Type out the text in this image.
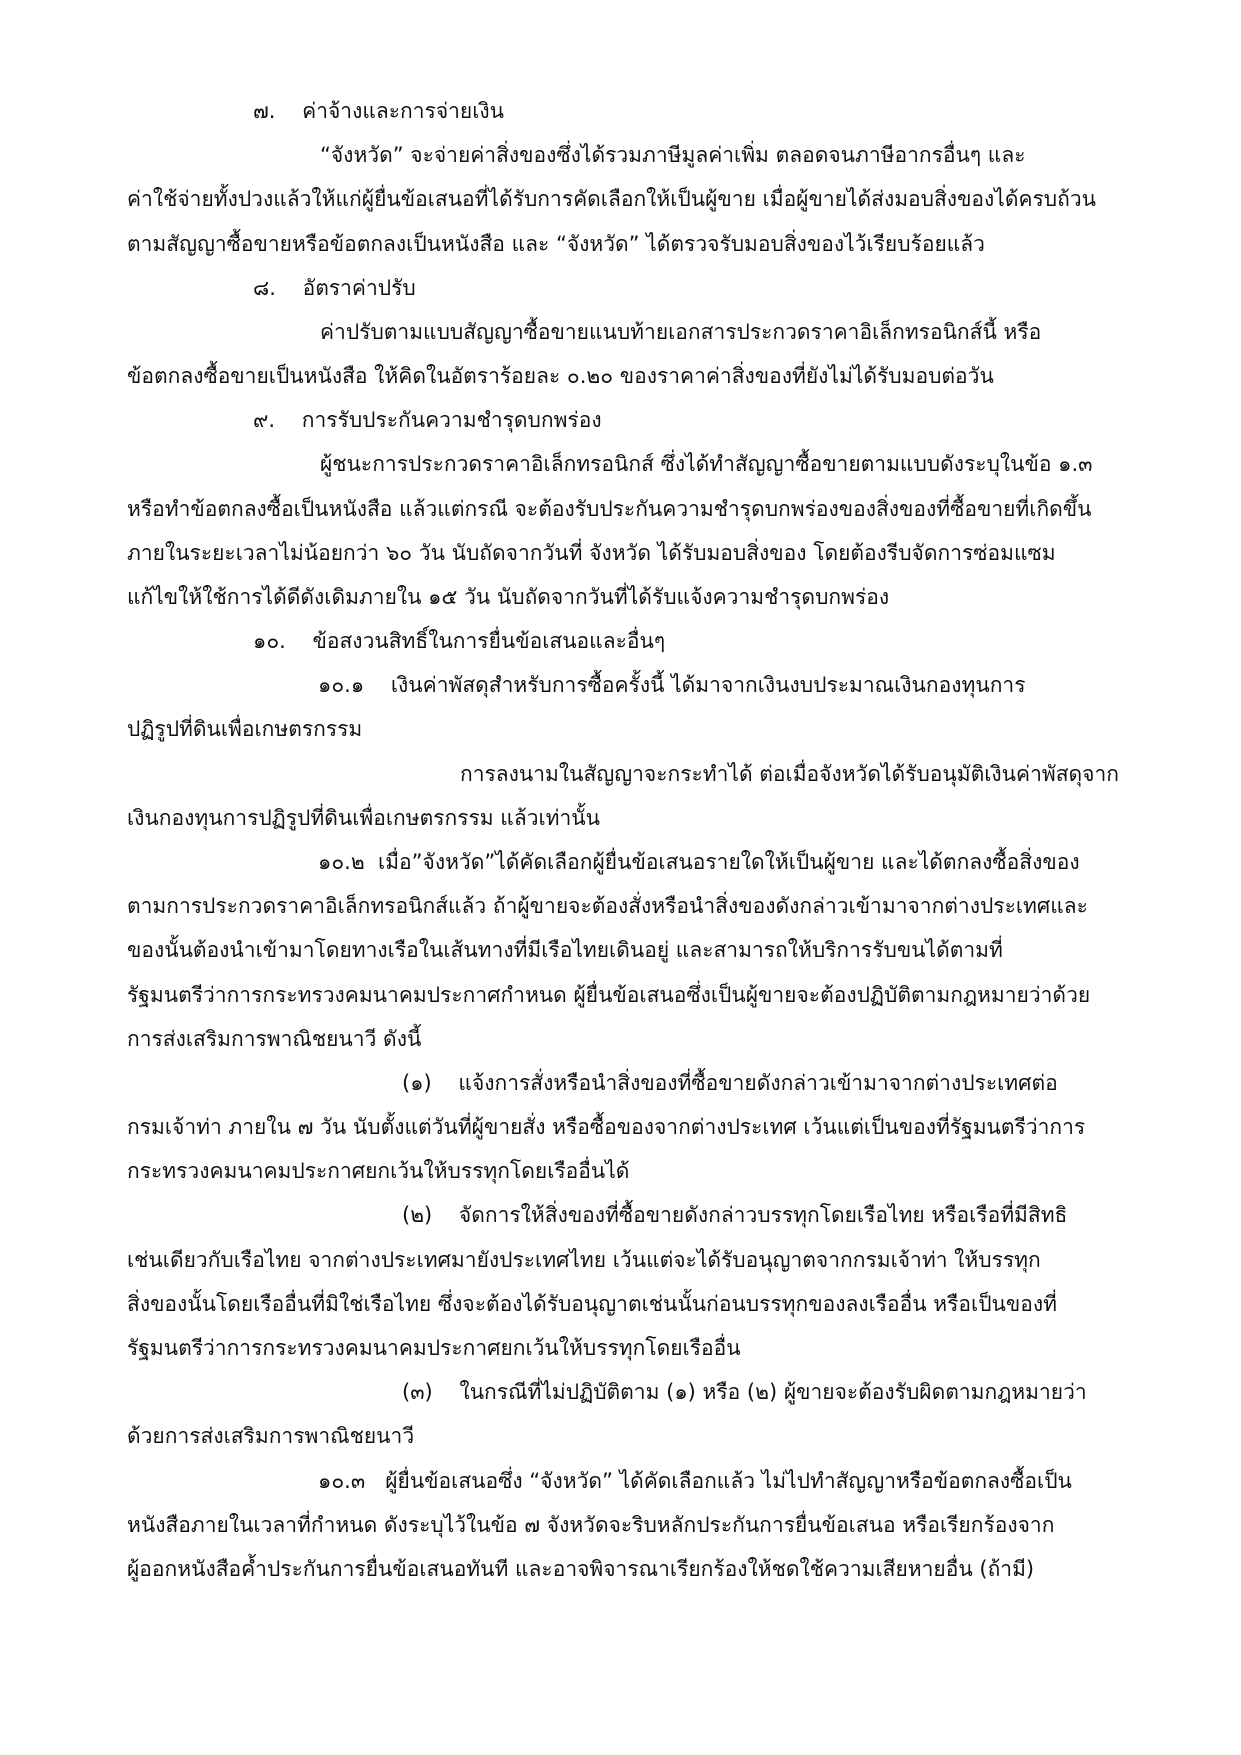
๗.    ค่าจ้างและการจ่ายเงิน
“จังหวัด” จะจ่ายค่าสิ่งของซึ่งได้รวมภาษีมูลค่าเพิ่ม ตลอดจนภาษีอากรอื่นๆ และ
ค่าใช้จ่ายทั้งปวงแล้วให้แก่ผู้ยื่นข้อเสนอที่ได้รับการคัดเลือกให้เป็นผู้ขาย เมื่อผู้ขายได้ส่งมอบสิ่งของได้ครบถ้วน
ตามสัญญาซื้อขายหรือข้อตกลงเป็นหนังสือ และ “จังหวัด” ได้ตรวจรับมอบสิ่งของไว้เรียบร้อยแล้ว
๘.    อัตราค่าปรับ
ค่าปรับตามแบบสัญญาซื้อขายแนบท้ายเอกสารประกวดราคาอิเล็กทรอนิกส์นี้ หรือ
ข้อตกลงซื้อขายเป็นหนังสือ ให้คิดในอัตราร้อยละ ๐.๒๐ ของราคาค่าสิ่งของที่ยังไม่ได้รับมอบต่อวัน
๙.    การรับประกันความชำรุดบกพร่อง
ผู้ชนะการประกวดราคาอิเล็กทรอนิกส์ ซึ่งได้ทำสัญญาซื้อขายตามแบบดังระบุในข้อ ๑.๓
หรือทำข้อตกลงซื้อเป็นหนังสือ แล้วแต่กรณี จะต้องรับประกันความชำรุดบกพร่องของสิ่งของที่ซื้อขายที่เกิดขึ้น
ภายในระยะเวลาไม่น้อยกว่า ๖๐ วัน นับถัดจากวันที่ จังหวัด ได้รับมอบสิ่งของ โดยต้องรีบจัดการซ่อมแซม
แก้ไขให้ใช้การได้ดีดังเดิมภายใน ๑๕ วัน นับถัดจากวันที่ได้รับแจ้งความชำรุดบกพร่อง
๑๐.    ข้อสงวนสิทธิ์ในการยื่นข้อเสนอและอื่นๆ
๑๐.๑    เงินค่าพัสดุสำหรับการซื้อครั้งนี้ ได้มาจากเงินงบประมาณเงินกองทุนการ
ปฏิรูปที่ดินเพื่อเกษตรกรรม
การลงนามในสัญญาจะกระทำได้ ต่อเมื่อจังหวัดได้รับอนุมัติเงินค่าพัสดุจาก
เงินกองทุนการปฏิรูปที่ดินเพื่อเกษตรกรรม แล้วเท่านั้น
๑๐.๒  เมื่อ”จังหวัด”ได้คัดเลือกผู้ยื่นข้อเสนอรายใดให้เป็นผู้ขาย และได้ตกลงซื้อสิ่งของ
ตามการประกวดราคาอิเล็กทรอนิกส์แล้ว ถ้าผู้ขายจะต้องสั่งหรือนำสิ่งของดังกล่าวเข้ามาจากต่างประเทศและ
ของนั้นต้องนำเข้ามาโดยทางเรือในเส้นทางที่มีเรือไทยเดินอยู่ และสามารถให้บริการรับขนได้ตามที่
รัฐมนตรีว่าการกระทรวงคมนาคมประกาศกำหนด ผู้ยื่นข้อเสนอซึ่งเป็นผู้ขายจะต้องปฏิบัติตามกฎหมายว่าด้วย
การส่งเสริมการพาณิชยนาวี ดังนี้
(๑)    แจ้งการสั่งหรือนำสิ่งของที่ซื้อขายดังกล่าวเข้ามาจากต่างประเทศต่อ
กรมเจ้าท่า ภายใน ๗ วัน นับตั้งแต่วันที่ผู้ขายสั่ง หรือซื้อของจากต่างประเทศ เว้นแต่เป็นของที่รัฐมนตรีว่าการ
กระทรวงคมนาคมประกาศยกเว้นให้บรรทุกโดยเรืออื่นได้
(๒)    จัดการให้สิ่งของที่ซื้อขายดังกล่าวบรรทุกโดยเรือไทย หรือเรือที่มีสิทธิ
เช่นเดียวกับเรือไทย จากต่างประเทศมายังประเทศไทย เว้นแต่จะได้รับอนุญาตจากกรมเจ้าท่า ให้บรรทุก
สิ่งของนั้นโดยเรืออื่นที่มิใช่เรือไทย ซึ่งจะต้องได้รับอนุญาตเช่นนั้นก่อนบรรทุกของลงเรืออื่น หรือเป็นของที่
รัฐมนตรีว่าการกระทรวงคมนาคมประกาศยกเว้นให้บรรทุกโดยเรืออื่น
(๓)    ในกรณีที่ไม่ปฏิบัติตาม (๑) หรือ (๒) ผู้ขายจะต้องรับผิดตามกฎหมายว่า
ด้วยการส่งเสริมการพาณิชยนาวี
๑๐.๓   ผู้ยื่นข้อเสนอซึ่ง “จังหวัด” ได้คัดเลือกแล้ว ไม่ไปทำสัญญาหรือข้อตกลงซื้อเป็น
หนังสือภายในเวลาที่กำหนด ดังระบุไว้ในข้อ ๗ จังหวัดจะริบหลักประกันการยื่นข้อเสนอ หรือเรียกร้องจาก
ผู้ออกหนังสือค้ำประกันการยื่นข้อเสนอทันที และอาจพิจารณาเรียกร้องให้ชดใช้ความเสียหายอื่น (ถ้ามี)
